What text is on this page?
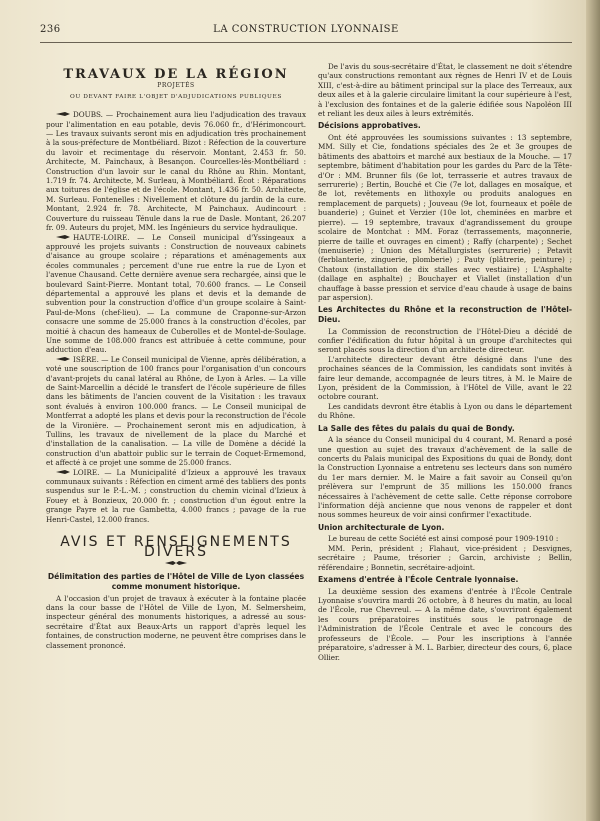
236	LA CONSTRUCTION LYONNAISE

TRAVAUX DE LA RÉGION

PROJETÉS

OU DEVANT FAIRE L'OBJET D'ADJUDICATIONS PUBLIQUES

DOUBS. — Prochainement aura lieu l'adjudication des travaux pour l'alimentation en eau potable, devis 76.060 fr., d'Hérimoncourt. — Les travaux suivants seront mis en adjudication très prochainement à la sous-préfecture de Montbéliard. Bizot : Réfection de la couverture du lavoir et recimentage du réservoir. Montant, 2.453 fr. 50. Architecte, M. Painchaux, à Besançon. Courcelles-lès-Montbéliard : Construction d'un lavoir sur le canal du Rhône au Rhin. Montant, 1.719 fr. 74. Architecte, M. Surleau, à Montbéliard. Écot : Réparations aux toitures de l'église et de l'école. Montant, 1.436 fr. 50. Architecte, M. Surleau. Fontenelles : Nivellement et clôture du jardin de la cure. Montant, 2.924 fr. 78. Architecte, M Painchaux. Audincourt : Couverture du ruisseau Ténule dans la rue de Dasle. Montant, 26.207 fr. 09. Auteurs du projet, MM. les Ingénieurs du service hydraulique.

HAUTE-LOIRE. — Le Conseil municipal d'Yssingeaux a approuvé les projets suivants : Construction de nouveaux cabinets d'aisance au groupe scolaire ; réparations et aménagements aux écoles communales ; percement d'une rue entre la rue de Lyon et l'avenue Chausand. Cette dernière avenue sera rechargée, ainsi que le boulevard Saint-Pierre. Montant total, 70.600 francs. — Le Conseil départemental a approuvé les plans et devis et la demande de subvention pour la construction d'office d'un groupe scolaire à Saint-Paul-de-Mons (chef-lieu). — La commune de Craponne-sur-Arzon consacre une somme de 25.000 francs à la construction d'écoles, par moitié à chacun des hameaux de Cuberolles et de Montel-de-Soulage. Une somme de 108.000 francs est attribuée à cette commune, pour adduction d'eau.

ISÈRE. — Le Conseil municipal de Vienne, après délibération, a voté une souscription de 100 francs pour l'organisation d'un concours d'avant-projets du canal latéral au Rhône, de Lyon à Arles. — La ville de Saint-Marcellin a décidé le transfert de l'école supérieure de filles dans les bâtiments de l'ancien couvent de la Visitation : les travaux sont évalués à environ 100.000 francs. — Le Conseil municipal de Montferrat a adopté les plans et devis pour la reconstruction de l'école de la Vironière. — Prochainement seront mis en adjudication, à Tullins, les travaux de nivellement de la place du Marché et d'installation de la canalisation. — La ville de Domène a décidé la construction d'un abattoir public sur le terrain de Coquet-Ermemond, et affecté à ce projet une somme de 25.000 francs.

LOIRE. — La Municipalité d'Izieux a approuvé les travaux communaux suivants : Réfection en ciment armé des tabliers des ponts suspendus sur le P.-L.-M. ; construction du chemin vicinal d'Izieux à Fouey et à Bonzieux, 20.000 fr. ; construction d'un égout entre la grange Payre et la rue Gambetta, 4.000 francs ; pavage de la rue Henri-Castel, 12.000 francs.

AVIS ET RENSEIGNEMENTS DIVERS

Délimitation des parties de l'Hôtel de Ville de Lyon classées comme monument historique.

A l'occasion d'un projet de travaux à exécuter à la fontaine placée dans la cour basse de l'Hôtel de Ville de Lyon, M. Selmersheim, inspecteur général des monuments historiques, a adressé au sous-secrétaire d'État aux Beaux-Arts un rapport d'après lequel les fontaines, de construction moderne, ne peuvent être comprises dans le classement prononcé.

De l'avis du sous-secrétaire d'État, le classement ne doit s'étendre qu'aux constructions remontant aux règnes de Henri IV et de Louis XIII, c'est-à-dire au bâtiment principal sur la place des Terreaux, aux deux ailes et à la galerie circulaire limitant la cour supérieure à l'est, à l'exclusion des fontaines et de la galerie édifiée sous Napoléon III et reliant les deux ailes à leurs extrémités.

Décisions approbatives.

Ont été approuvées les soumissions suivantes : 13 septembre, MM. Silly et Cie, fondations spéciales des 2e et 3e groupes de bâtiments des abattoirs et marché aux bestiaux de la Mouche. — 17 septembre, bâtiment d'habitation pour les gardes du Parc de la Tête-d'Or : MM. Brunner fils (6e lot, terrasserie et autres travaux de serrurerie) ; Bertin, Bouché et Cie (7e lot, dallages en mosaïque, et 8e lot, revêtements en lithoxyle ou produits analogues en remplacement de parquets) ; Jouveau (9e lot, fourneaux et poêle de buanderie) ; Guinet et Verzier (10e lot, cheminées en marbre et pierre). — 19 septembre, travaux d'agrandissement du groupe scolaire de Montchat : MM. Foraz (terrassements, maçonnerie, pierre de taille et ouvrages en ciment) ; Raffy (charpente) ; Sechet (menuiserie) ; Union des Métallurgistes (serrurerie) ; Petavit (ferblanterie, zinguerie, plomberie) ; Pauty (plâtrerie, peinture) ; Chatoux (installation de dix stalles avec vestiaire) ; L'Asphalte (dallage en asphalte) ; Bouchayer et Viallet (installation d'un chauffage à basse pression et service d'eau chaude à usage de bains par aspersion).

Les Architectes du Rhône et la reconstruction de l'Hôtel-Dieu.

La Commission de reconstruction de l'Hôtel-Dieu a décidé de confier l'édification du futur hôpital à un groupe d'architectes qui seront placés sous la direction d'un architecte directeur.

L'architecte directeur devant être désigné dans l'une des prochaines séances de la Commission, les candidats sont invités à faire leur demande, accompagnée de leurs titres, à M. le Maire de Lyon, président de la Commission, à l'Hôtel de Ville, avant le 22 octobre courant.

Les candidats devront être établis à Lyon ou dans le département du Rhône.

La Salle des fêtes du palais du quai de Bondy.

A la séance du Conseil municipal du 4 courant, M. Renard a posé une question au sujet des travaux d'achèvement de la salle de concerts du Palais municipal des Expositions du quai de Bondy, dont la Construction Lyonnaise a entretenu ses lecteurs dans son numéro du 1er mars dernier. M. le Maire a fait savoir au Conseil qu'on prélèvera sur l'emprunt de 35 millions les 150.000 francs nécessaires à l'achèvement de cette salle. Cette réponse corrobore l'information déjà ancienne que nous venons de rappeler et dont nous sommes heureux de voir ainsi confirmer l'exactitude.

Union architecturale de Lyon.

Le bureau de cette Société est ainsi composé pour 1909-1910 :

MM. Perin, président ; Flahaut, vice-président ; Desvignes, secrétaire ; Paume, trésorier ; Garcin, archiviste ; Bellin, référendaire ; Bonnetin, secrétaire-adjoint.

Examens d'entrée à l'École Centrale lyonnaise.

La deuxième session des examens d'entrée à l'École Centrale Lyonnaise s'ouvrira mardi 26 octobre, à 8 heures du matin, au local de l'École, rue Chevreul. — A la même date, s'ouvriront également les cours préparatoires institués sous le patronage de l'Administration de l'École Centrale et avec le concours des professeurs de l'École. — Pour les inscriptions à l'année préparatoire, s'adresser à M. L. Barbier, directeur des cours, 6, place Ollier.
